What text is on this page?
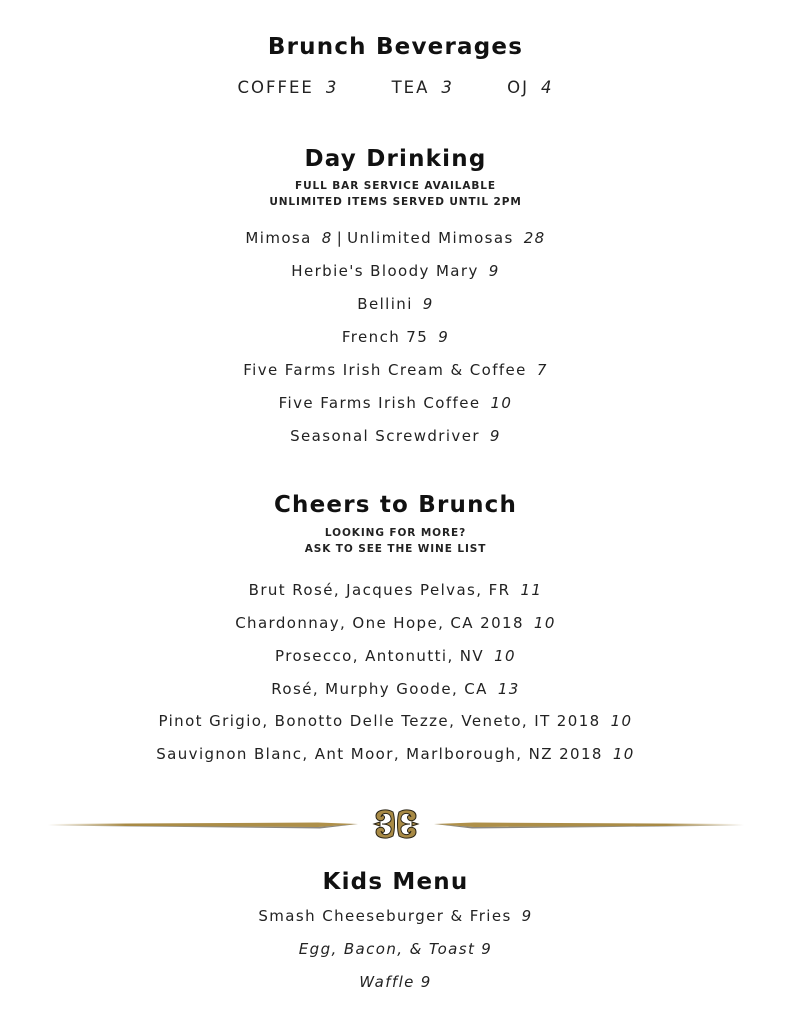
Brunch Beverages
COFFEE 3	TEA 3	OJ 4
Day Drinking
FULL BAR SERVICE AVAILABLE
UNLIMITED ITEMS SERVED UNTIL 2PM
Mimosa 8 | Unlimited Mimosas 28
Herbie's Bloody Mary 9
Bellini 9
French 75 9
Five Farms Irish Cream & Coffee 7
Five Farms Irish Coffee 10
Seasonal Screwdriver 9
Cheers to Brunch
LOOKING FOR MORE?
ASK TO SEE THE WINE LIST
Brut Rosé, Jacques Pelvas, FR 11
Chardonnay, One Hope, CA 2018 10
Prosecco, Antonutti, NV 10
Rosé, Murphy Goode, CA 13
Pinot Grigio, Bonotto Delle Tezze, Veneto, IT 2018 10
Sauvignon Blanc, Ant Moor, Marlborough, NZ 2018 10
Kids Menu
Smash Cheeseburger & Fries 9
Egg, Bacon, & Toast 9
Waffle 9
